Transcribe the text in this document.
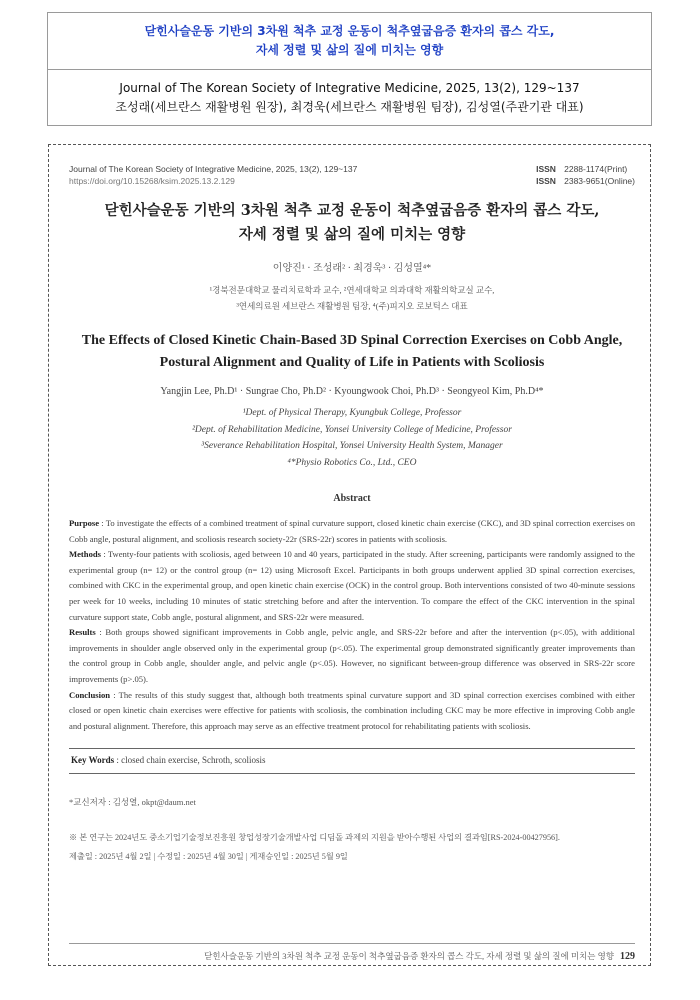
닫힌사슬운동 기반의 3차원 척추 교정 운동이 척추옆굽음증 환자의 콥스 각도,
자세 정렬 및 삶의 질에 미치는 영향
Journal of The Korean Society of Integrative Medicine, 2025, 13(2), 129~137
조성래(세브란스 재활병원 원장), 최경욱(세브란스 재활병원 팀장), 김성열(주관기관 대표)
Journal of The Korean Society of Integrative Medicine, 2025, 13(2), 129~137
https://doi.org/10.15268/ksim.2025.13.2.129
ISSN 2288-1174(Print)
ISSN 2383-9651(Online)
닫힌사슬운동 기반의 3차원 척추 교정 운동이 척추옆굽음증 환자의 콥스 각도,
자세 정렬 및 삶의 질에 미치는 영향
이양진¹ · 조성래² · 최경욱³ · 김성열⁴*
¹경북전문대학교 물리치료학과 교수, ²연세대학교 의과대학 재활의학교실 교수,
³연세의료원 세브란스 재활병원 팀장, ⁴(주)피지오 로보틱스 대표
The Effects of Closed Kinetic Chain-Based 3D Spinal Correction Exercises on Cobb Angle,
Postural Alignment and Quality of Life in Patients with Scoliosis
Yangjin Lee, Ph.D¹ · Sungrae Cho, Ph.D² · Kyoungwook Choi, Ph.D³ · Seongyeol Kim, Ph.D⁴*
¹Dept. of Physical Therapy, Kyungbuk College, Professor
²Dept. of Rehabilitation Medicine, Yonsei University College of Medicine, Professor
³Severance Rehabilitation Hospital, Yonsei University Health System, Manager
⁴*Physio Robotics Co., Ltd., CEO
Abstract

Purpose : To investigate the effects of a combined treatment of spinal curvature support, closed kinetic chain exercise (CKC), and 3D spinal correction exercises on Cobb angle, postural alignment, and scoliosis research society-22r (SRS-22r) scores in patients with scoliosis.

Methods : Twenty-four patients with scoliosis, aged between 10 and 40 years, participated in the study. After screening, participants were randomly assigned to the experimental group (n= 12) or the control group (n= 12) using Microsoft Excel. Participants in both groups underwent applied 3D spinal correction exercises, combined with CKC in the experimental group, and open kinetic chain exercise (OCK) in the control group. Both interventions consisted of two 40-minute sessions per week for 10 weeks, including 10 minutes of static stretching before and after the intervention. To compare the effect of the CKC intervention in the spinal curvature support state, Cobb angle, postural alignment, and SRS-22r were measured.

Results : Both groups showed significant improvements in Cobb angle, pelvic angle, and SRS-22r before and after the intervention (p<.05), with additional improvements in shoulder angle observed only in the experimental group (p<.05). The experimental group demonstrated significantly greater improvements than the control group in Cobb angle, shoulder angle, and pelvic angle (p<.05). However, no significant between-group difference was observed in SRS-22r score improvements (p>.05).

Conclusion : The results of this study suggest that, although both treatments spinal curvature support and 3D spinal correction exercises combined with either closed or open kinetic chain exercises were effective for patients with scoliosis, the combination including CKC may be more effective in improving Cobb angle and postural alignment. Therefore, this approach may serve as an effective treatment protocol for rehabilitating patients with scoliosis.

Key Words : closed chain exercise, Schroth, scoliosis
*교신저자 : 김성열, okpt@daum.net
※ 본 연구는 2024년도 중소기업기술정보진흥원 창업성장기술개발사업 디딤돌 과제의 지원을 받아수행된 사업의 결과임[RS-2024-00427956].
제출일 : 2025년 4월 2일 | 수정일 : 2025년 4월 30일 | 게재승인일 : 2025년 5월 9일
닫힌사슬운동 기반의 3차원 척추 교정 운동이 척추옆굽음증 환자의 콥스 각도, 자세 정렬 및 삶의 질에 미치는 영향 129
